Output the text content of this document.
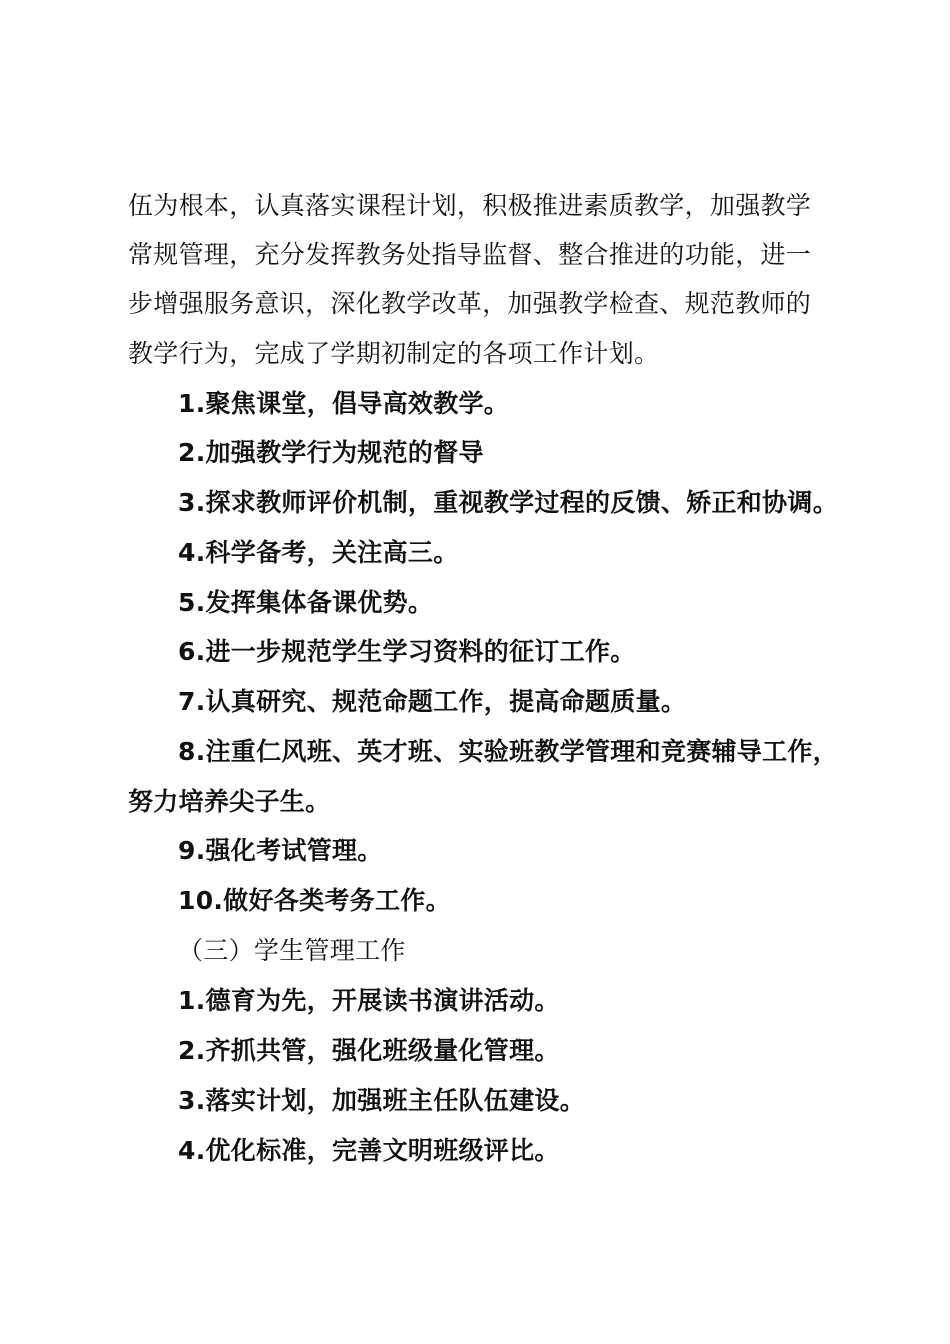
伍为根本，认真落实课程计划，积极推进素质教学，加强教学
常规管理，充分发挥教务处指导监督、整合推进的功能，进一
步增强服务意识，深化教学改革，加强教学检查、规范教师的
教学行为，完成了学期初制定的各项工作计划。
1.聚焦课堂，倡导高效教学。
2.加强教学行为规范的督导
3.探求教师评价机制，重视教学过程的反馈、矫正和协调。
4.科学备考，关注高三。
5.发挥集体备课优势。
6.进一步规范学生学习资料的征订工作。
7.认真研究、规范命题工作，提高命题质量。
8.注重仁风班、英才班、实验班教学管理和竞赛辅导工作，
努力培养尖子生。
9.强化考试管理。
10.做好各类考务工作。
（三）学生管理工作
1.德育为先，开展读书演讲活动。
2.齐抓共管，强化班级量化管理。
3.落实计划，加强班主任队伍建设。
4.优化标准，完善文明班级评比。
